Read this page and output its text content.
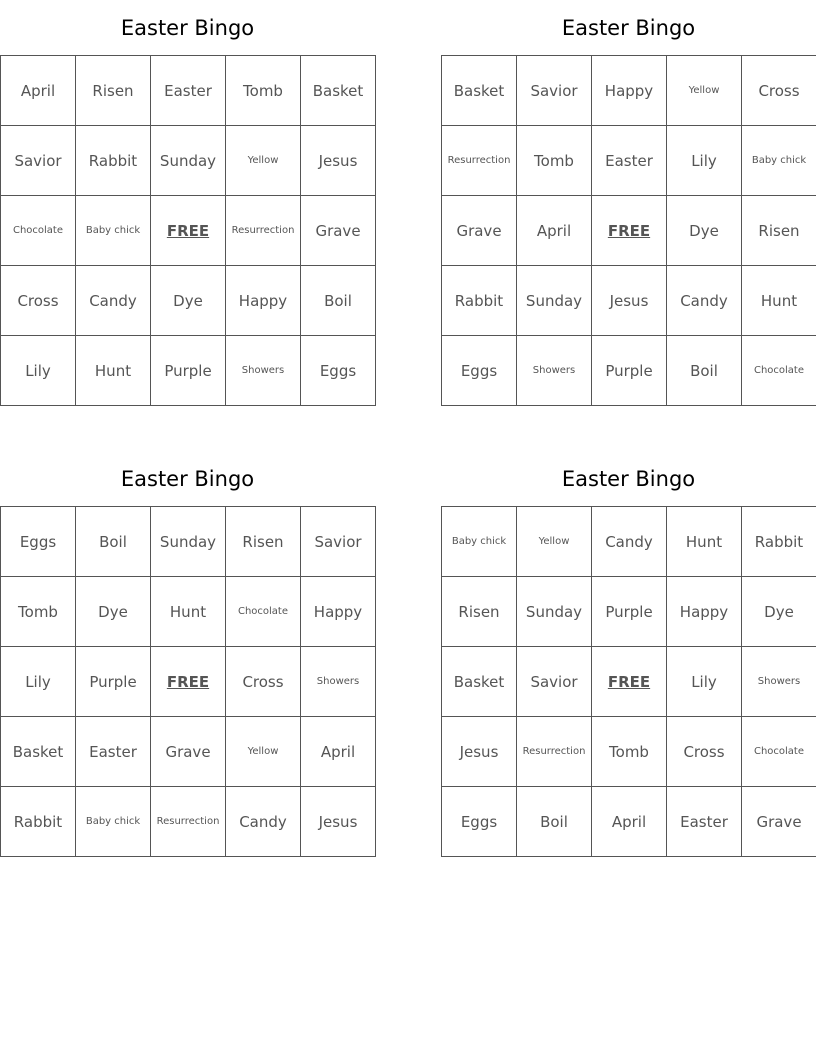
Easter Bingo
April	Risen	Easter	Tomb	Basket
Savior	Rabbit	Sunday	Yellow	Jesus
Chocolate	Baby chick	FREE	Resurrection	Grave
Cross	Candy	Dye	Happy	Boil
Lily	Hunt	Purple	Showers	Eggs
Easter Bingo
Basket	Savior	Happy	Yellow	Cross
Resurrection	Tomb	Easter	Lily	Baby chick
Grave	April	FREE	Dye	Risen
Rabbit	Sunday	Jesus	Candy	Hunt
Eggs	Showers	Purple	Boil	Chocolate
Easter Bingo
Eggs	Boil	Sunday	Risen	Savior
Tomb	Dye	Hunt	Chocolate	Happy
Lily	Purple	FREE	Cross	Showers
Basket	Easter	Grave	Yellow	April
Rabbit	Baby chick	Resurrection	Candy	Jesus
Easter Bingo
Baby chick	Yellow	Candy	Hunt	Rabbit
Risen	Sunday	Purple	Happy	Dye
Basket	Savior	FREE	Lily	Showers
Jesus	Resurrection	Tomb	Cross	Chocolate
Eggs	Boil	April	Easter	Grave
